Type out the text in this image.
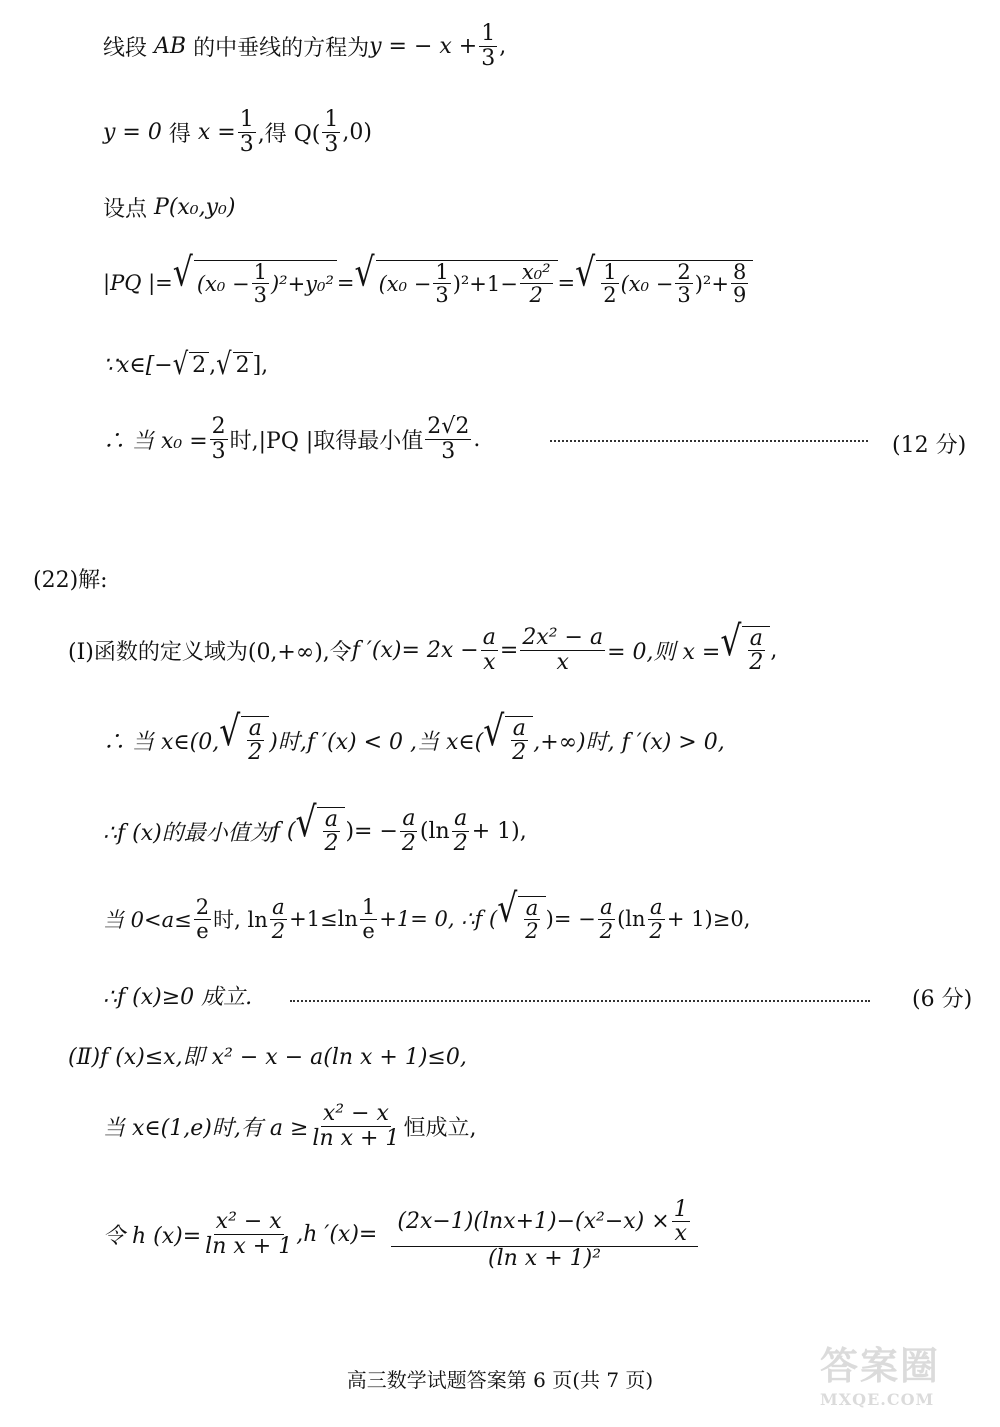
线段
AB
的中垂线的方程为 y = − $x + \frac{1}{3}$ ,
y = 0
得
$x = \frac{1}{3}$ ,得 $Q( \frac{1}{3} ,0)$
设点
P(x₀,y₀)
|PQ |= √ $(x_0 - \frac{1}{3} )^2+y_0^2$ = √ $(x_0 - \frac{1}{3} )^2+1- \frac{\text{x₀²}}{2}$ = √ $\frac{1}{2} (x_0 - \frac{2}{3} )^2+ \frac{8}{9}$
∵x∈[− √ 2 , √ 2 ],
∴ 当 $x_0 = \frac{2}{3}$ 时,|PQ |取得最小值 $\frac{2√2}{3}$ .	(12 分)
(22)解:
(Ⅰ)函数的定义域为(0,+∞),令 f $'(x)= 2x - \frac{a}{x} = \frac{\text{2x² − a}}{x} = 0$,则 x = √ $\frac{a}{2}$ ,
∴ 当 x∈(0, √ $\frac{a}{2}$ )时,f ′(x) < 0 ,当 x∈( √ $\frac{a}{2}$ ,+∞)时, f ′(x) > 0,
∴f (x)的最小值为 f ( √ $\frac{a}{2}$ )= − $\frac{a}{2} (\ln \frac{a}{2} + 1)$,
当 $0<a\le \frac{2}{e}$ 时, $\ln \frac{a}{2} +1\le\ln \frac{1}{e} +1= 0$, ∴f ( √ $\frac{a}{2}$ )= − $\frac{a}{2} (\ln \frac{a}{2} + 1)\ge 0$,
∴f (x)≥0 成立.	(6 分)
(Ⅱ)f (x)≤x,即 x² − x − a(ln x + 1)≤0,
当 x∈(1,e)时,有 $a \ge \frac{\text{x² − x}}{\text{ln x + 1}}$ 恒成立,
令 h $(x)= \frac{\text{x² − x}}{\text{ln x + 1}} ,h$ $'(x)= \frac{(2x-1)(\ln x+1)-(x^2-x) \times \frac{1}{x}}{\text{(ln x + 1)²}}$
高三数学试题答案第 6 页(共 7 页)	答案圈
MXQE.COM
